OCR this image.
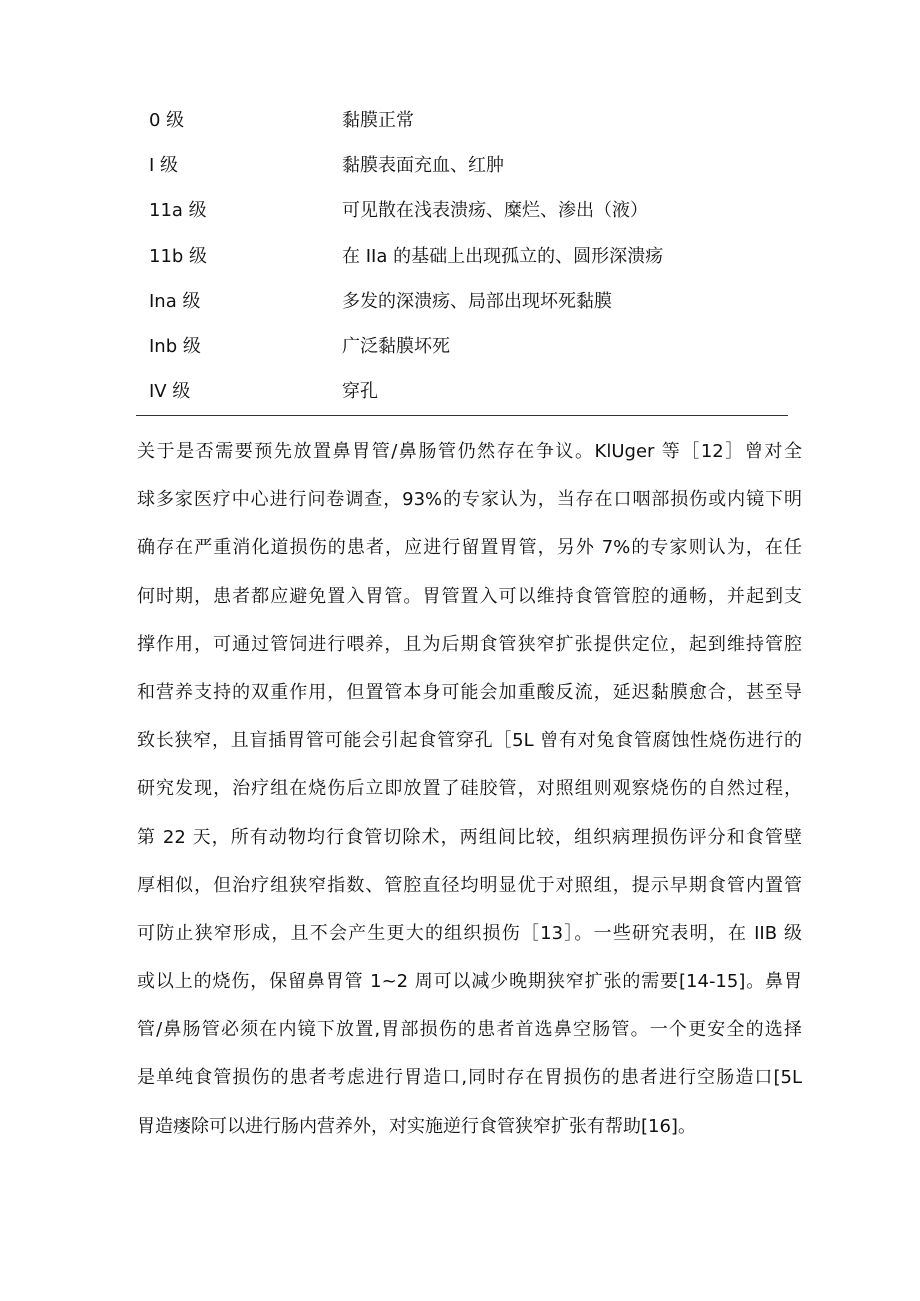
0 级	黏膜正常
I 级	黏膜表面充血、红肿
11a 级	可见散在浅表溃疡、糜烂、渗出（液）
11b 级	在 IIa 的基础上出现孤立的、圆形深溃疡
Ina 级	多发的深溃疡、局部出现坏死黏膜
Inb 级	广泛黏膜坏死
IV 级	穿孔
关于是否需要预先放置鼻胃管/鼻肠管仍然存在争议。KlUger 等［12］曾对全
球多家医疗中心进行问卷调查，93%的专家认为，当存在口咽部损伤或内镜下明
确存在严重消化道损伤的患者，应进行留置胃管，另外 7%的专家则认为，在任
何时期，患者都应避免置入胃管。胃管置入可以维持食管管腔的通畅，并起到支
撑作用，可通过管饲进行喂养，且为后期食管狭窄扩张提供定位，起到维持管腔
和营养支持的双重作用，但置管本身可能会加重酸反流，延迟黏膜愈合，甚至导
致长狭窄，且盲插胃管可能会引起食管穿孔［5L 曾有对兔食管腐蚀性烧伤进行的
研究发现，治疗组在烧伤后立即放置了硅胶管，对照组则观察烧伤的自然过程，
第 22 天，所有动物均行食管切除术，两组间比较，组织病理损伤评分和食管壁
厚相似，但治疗组狭窄指数、管腔直径均明显优于对照组，提示早期食管内置管
可防止狭窄形成，且不会产生更大的组织损伤［13］。一些研究表明，在 IIB 级
或以上的烧伤，保留鼻胃管 1~2 周可以减少晚期狭窄扩张的需要[14-15]。鼻胃
管/鼻肠管必须在内镜下放置,胃部损伤的患者首选鼻空肠管。一个更安全的选择
是单纯食管损伤的患者考虑进行胃造口,同时存在胃损伤的患者进行空肠造口[5L
胃造瘘除可以进行肠内营养外，对实施逆行食管狭窄扩张有帮助[16]。
